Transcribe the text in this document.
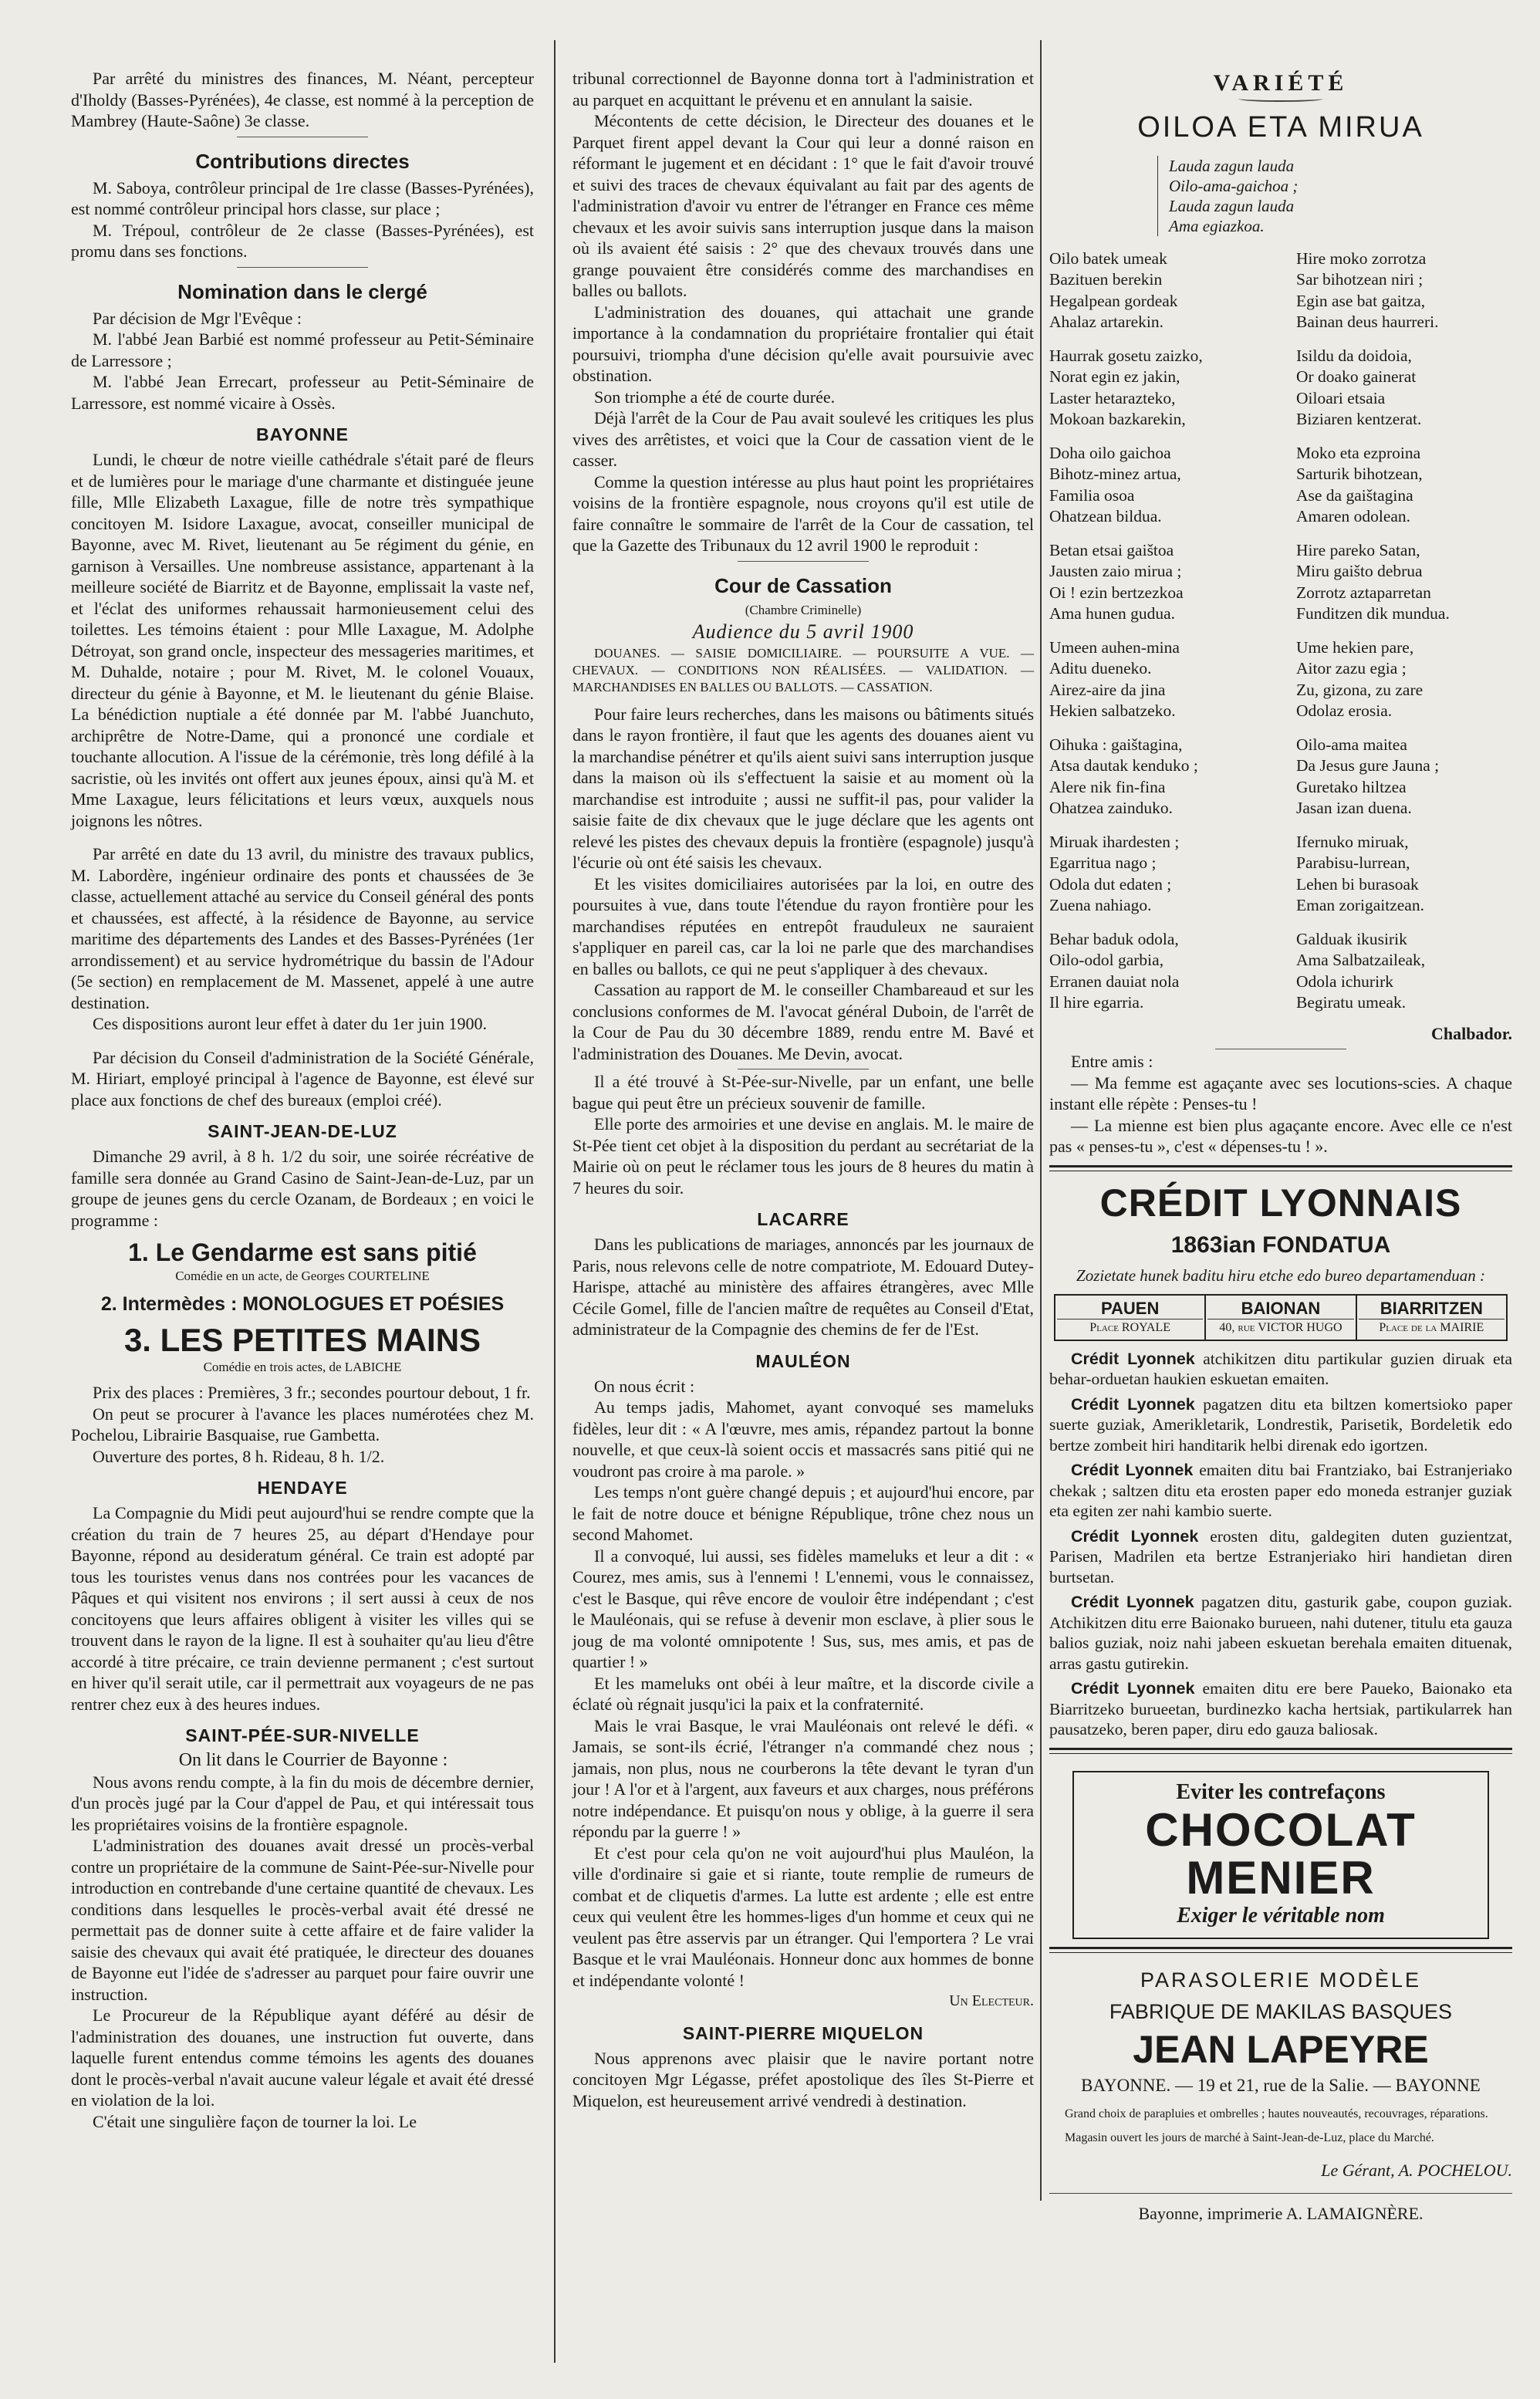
Par arrêté du ministres des finances, M. Néant, percepteur d'Iholdy (Basses-Pyrénées), 4e classe, est nommé à la perception de Mambrey (Haute-Saône) 3e classe.

Contributions directes

M. Saboya, contrôleur principal de 1re classe (Basses-Pyrénées), est nommé contrôleur principal hors classe, sur place ;

M. Trépoul, contrôleur de 2e classe (Basses-Pyrénées), est promu dans ses fonctions.

Nomination dans le clergé

Par décision de Mgr l'Evêque :

M. l'abbé Jean Barbié est nommé professeur au Petit-Séminaire de Larressore ;

M. l'abbé Jean Errecart, professeur au Petit-Séminaire de Larressore, est nommé vicaire à Ossès.

BAYONNE

Lundi, le chœur de notre vieille cathédrale s'était paré de fleurs et de lumières pour le mariage d'une charmante et distinguée jeune fille, Mlle Elizabeth Laxague, fille de notre très sympathique concitoyen M. Isidore Laxague, avocat, conseiller municipal de Bayonne, avec M. Rivet, lieutenant au 5e régiment du génie, en garnison à Versailles. Une nombreuse assistance, appartenant à la meilleure société de Biarritz et de Bayonne, emplissait la vaste nef, et l'éclat des uniformes rehaussait harmonieusement celui des toilettes. Les témoins étaient : pour Mlle Laxague, M. Adolphe Détroyat, son grand oncle, inspecteur des messageries maritimes, et M. Duhalde, notaire ; pour M. Rivet, M. le colonel Vouaux, directeur du génie à Bayonne, et M. le lieutenant du génie Blaise. La bénédiction nuptiale a été donnée par M. l'abbé Juanchuto, archiprêtre de Notre-Dame, qui a prononcé une cordiale et touchante allocution. A l'issue de la cérémonie, très long défilé à la sacristie, où les invités ont offert aux jeunes époux, ainsi qu'à M. et Mme Laxague, leurs félicitations et leurs vœux, auxquels nous joignons les nôtres.

Par arrêté en date du 13 avril, du ministre des travaux publics, M. Labordère, ingénieur ordinaire des ponts et chaussées de 3e classe, actuellement attaché au service du Conseil général des ponts et chaussées, est affecté, à la résidence de Bayonne, au service maritime des départements des Landes et des Basses-Pyrénées (1er arrondissement) et au service hydrométrique du bassin de l'Adour (5e section) en remplacement de M. Massenet, appelé à une autre destination.

Ces dispositions auront leur effet à dater du 1er juin 1900.

Par décision du Conseil d'administration de la Société Générale, M. Hiriart, employé principal à l'agence de Bayonne, est élevé sur place aux fonctions de chef des bureaux (emploi créé).

SAINT-JEAN-DE-LUZ

Dimanche 29 avril, à 8 h. 1/2 du soir, une soirée récréative de famille sera donnée au Grand Casino de Saint-Jean-de-Luz, par un groupe de jeunes gens du cercle Ozanam, de Bordeaux ; en voici le programme :

1. Le Gendarme est sans pitié
Comédie en un acte, de Georges COURTELINE
2. Intermèdes : MONOLOGUES ET POÉSIES
3. LES PETITES MAINS
Comédie en trois actes, de LABICHE

Prix des places : Premières, 3 fr.; secondes pourtour debout, 1 fr.

On peut se procurer à l'avance les places numérotées chez M. Pochelou, Librairie Basquaise, rue Gambetta.

Ouverture des portes, 8 h. Rideau, 8 h. 1/2.

HENDAYE

La Compagnie du Midi peut aujourd'hui se rendre compte que la création du train de 7 heures 25, au départ d'Hendaye pour Bayonne, répond au desideratum général. Ce train est adopté par tous les touristes venus dans nos contrées pour les vacances de Pâques et qui visitent nos environs ; il sert aussi à ceux de nos concitoyens que leurs affaires obligent à visiter les villes qui se trouvent dans le rayon de la ligne. Il est à souhaiter qu'au lieu d'être accordé à titre précaire, ce train devienne permanent ; c'est surtout en hiver qu'il serait utile, car il permettrait aux voyageurs de ne pas rentrer chez eux à des heures indues.

SAINT-PÉE-SUR-NIVELLE

On lit dans le Courrier de Bayonne :

Nous avons rendu compte, à la fin du mois de décembre dernier, d'un procès jugé par la Cour d'appel de Pau, et qui intéressait tous les propriétaires voisins de la frontière espagnole.

L'administration des douanes avait dressé un procès-verbal contre un propriétaire de la commune de Saint-Pée-sur-Nivelle pour introduction en contrebande d'une certaine quantité de chevaux. Les conditions dans lesquelles le procès-verbal avait été dressé ne permettait pas de donner suite à cette affaire et de faire valider la saisie des chevaux qui avait été pratiquée, le directeur des douanes de Bayonne eut l'idée de s'adresser au parquet pour faire ouvrir une instruction.

Le Procureur de la République ayant déféré au désir de l'administration des douanes, une instruction fut ouverte, dans laquelle furent entendus comme témoins les agents des douanes dont le procès-verbal n'avait aucune valeur légale et avait été dressé en violation de la loi.

C'était une singulière façon de tourner la loi. Le

tribunal correctionnel de Bayonne donna tort à l'administration et au parquet en acquittant le prévenu et en annulant la saisie.

Mécontents de cette décision, le Directeur des douanes et le Parquet firent appel devant la Cour qui leur a donné raison en réformant le jugement et en décidant : 1° que le fait d'avoir trouvé et suivi des traces de chevaux équivalant au fait par des agents de l'administration d'avoir vu entrer de l'étranger en France ces même chevaux et les avoir suivis sans interruption jusque dans la maison où ils avaient été saisis : 2° que des chevaux trouvés dans une grange pouvaient être considérés comme des marchandises en balles ou ballots.

L'administration des douanes, qui attachait une grande importance à la condamnation du propriétaire frontalier qui était poursuivi, triompha d'une décision qu'elle avait poursuivie avec obstination.

Son triomphe a été de courte durée.

Déjà l'arrêt de la Cour de Pau avait soulevé les critiques les plus vives des arrêtistes, et voici que la Cour de cassation vient de le casser.

Comme la question intéresse au plus haut point les propriétaires voisins de la frontière espagnole, nous croyons qu'il est utile de faire connaître le sommaire de l'arrêt de la Cour de cassation, tel que la Gazette des Tribunaux du 12 avril 1900 le reproduit :

Cour de Cassation
(Chambre Criminelle)
Audience du 5 avril 1900

DOUANES. — SAISIE DOMICILIAIRE. — POURSUITE A VUE. — CHEVAUX. — CONDITIONS NON RÉALISÉES. — VALIDATION. — MARCHANDISES EN BALLES OU BALLOTS. — CASSATION.

Pour faire leurs recherches, dans les maisons ou bâtiments situés dans le rayon frontière, il faut que les agents des douanes aient vu la marchandise pénétrer et qu'ils aient suivi sans interruption jusque dans la maison où ils s'effectuent la saisie et au moment où la marchandise est introduite ; aussi ne suffit-il pas, pour valider la saisie faite de dix chevaux que le juge déclare que les agents ont relevé les pistes des chevaux depuis la frontière (espagnole) jusqu'à l'écurie où ont été saisis les chevaux.

Et les visites domiciliaires autorisées par la loi, en outre des poursuites à vue, dans toute l'étendue du rayon frontière pour les marchandises réputées en entrepôt frauduleux ne sauraient s'appliquer en pareil cas, car la loi ne parle que des marchandises en balles ou ballots, ce qui ne peut s'appliquer à des chevaux.

Cassation au rapport de M. le conseiller Chambareaud et sur les conclusions conformes de M. l'avocat général Duboin, de l'arrêt de la Cour de Pau du 30 décembre 1889, rendu entre M. Bavé et l'administration des Douanes. Me Devin, avocat.

Il a été trouvé à St-Pée-sur-Nivelle, par un enfant, une belle bague qui peut être un précieux souvenir de famille.

Elle porte des armoiries et une devise en anglais. M. le maire de St-Pée tient cet objet à la disposition du perdant au secrétariat de la Mairie où on peut le réclamer tous les jours de 8 heures du matin à 7 heures du soir.

LACARRE

Dans les publications de mariages, annoncés par les journaux de Paris, nous relevons celle de notre compatriote, M. Edouard Dutey-Harispe, attaché au ministère des affaires étrangères, avec Mlle Cécile Gomel, fille de l'ancien maître de requêtes au Conseil d'Etat, administrateur de la Compagnie des chemins de fer de l'Est.

MAULÉON

On nous écrit :

Au temps jadis, Mahomet, ayant convoqué ses mameluks fidèles, leur dit : « A l'œuvre, mes amis, répandez partout la bonne nouvelle, et que ceux-là soient occis et massacrés sans pitié qui ne voudront pas croire à ma parole. »

Les temps n'ont guère changé depuis ; et aujourd'hui encore, par le fait de notre douce et bénigne République, trône chez nous un second Mahomet.

Il a convoqué, lui aussi, ses fidèles mameluks et leur a dit : « Courez, mes amis, sus à l'ennemi ! L'ennemi, vous le connaissez, c'est le Basque, qui rêve encore de vouloir être indépendant ; c'est le Mauléonais, qui se refuse à devenir mon esclave, à plier sous le joug de ma volonté omnipotente ! Sus, sus, mes amis, et pas de quartier ! »

Et les mameluks ont obéi à leur maître, et la discorde civile a éclaté où régnait jusqu'ici la paix et la confraternité.

Mais le vrai Basque, le vrai Mauléonais ont relevé le défi. « Jamais, se sont-ils écrié, l'étranger n'a commandé chez nous ; jamais, non plus, nous ne courberons la tête devant le tyran d'un jour ! A l'or et à l'argent, aux faveurs et aux charges, nous préférons notre indépendance. Et puisqu'on nous y oblige, à la guerre il sera répondu par la guerre ! »

Et c'est pour cela qu'on ne voit aujourd'hui plus Mauléon, la ville d'ordinaire si gaie et si riante, toute remplie de rumeurs de combat et de cliquetis d'armes. La lutte est ardente ; elle est entre ceux qui veulent être les hommes-liges d'un homme et ceux qui ne veulent pas être asservis par un étranger. Qui l'emportera ? Le vrai Basque et le vrai Mauléonais. Honneur donc aux hommes de bonne et indépendante volonté !

Un Electeur.
SAINT-PIERRE MIQUELON

Nous apprenons avec plaisir que le navire portant notre concitoyen Mgr Légasse, préfet apostolique des îles St-Pierre et Miquelon, est heureusement arrivé vendredi à destination.

VARIÉTÉ
OILOA ETA MIRUA
Lauda zagun lauda
Oilo-ama-gaichoa ;
Lauda zagun lauda
Ama egiazkoa.
Oilo batek umeak
Bazituen berekin
Hegalpean gordeak
Ahalaz artarekin.
Haurrak gosetu zaizko,
Norat egin ez jakin,
Laster hetarazteko,
Mokoan bazkarekin,
Doha oilo gaichoa
Bihotz-minez artua,
Familia osoa
Ohatzean bildua.
Betan etsai gaištoa
Jausten zaio mirua ;
Oi ! ezin bertzezkoa
Ama hunen gudua.
Umeen auhen-mina
Aditu dueneko.
Airez-aire da jina
Hekien salbatzeko.
Oihuka : gaištagina,
Atsa dautak kenduko ;
Alere nik fin-fina
Ohatzea zainduko.
Miruak ihardesten ;
Egarritua nago ;
Odola dut edaten ;
Zuena nahiago.
Behar baduk odola,
Oilo-odol garbia,
Erranen dauiat nola
Il hire egarria.
Hire moko zorrotza
Sar bihotzean niri ;
Egin ase bat gaitza,
Bainan deus haurreri.
Isildu da doidoia,
Or doako gainerat
Oiloari etsaia
Biziaren kentzerat.
Moko eta ezproina
Sarturik bihotzean,
Ase da gaištagina
Amaren odolean.
Hire pareko Satan,
Miru gaišto debrua
Zorrotz aztaparretan
Funditzen dik mundua.
Ume hekien pare,
Aitor zazu egia ;
Zu, gizona, zu zare
Odolaz erosia.
Oilo-ama maitea
Da Jesus gure Jauna ;
Guretako hiltzea
Jasan izan duena.
Ifernuko miruak,
Parabisu-lurrean,
Lehen bi burasoak
Eman zorigaitzean.
Galduak ikusirik
Ama Salbatzaileak,
Odola ichurirk
Begiratu umeak.
Chalbador.

Entre amis :

— Ma femme est agaçante avec ses locutions-scies. A chaque instant elle répète : Penses-tu !

— La mienne est bien plus agaçante encore. Avec elle ce n'est pas « penses-tu », c'est « dépenses-tu ! ».

CRÉDIT LYONNAIS
1863ian FONDATUA
Zozietate hunek baditu hiru etche edo bureo departamenduan :
PAUEN
Place ROYALE
BAIONAN
40, rue VICTOR HUGO
BIARRITZEN
Place de la MAIRIE
Crédit Lyonnek atchikitzen ditu partikular guzien diruak eta behar-orduetan haukien eskuetan emaiten.
Crédit Lyonnek pagatzen ditu eta biltzen komertsioko paper suerte guziak, Amerikletarik, Londrestik, Parisetik, Bordeletik edo bertze zombeit hiri handitarik helbi direnak edo igortzen.
Crédit Lyonnek emaiten ditu bai Frantziako, bai Estranjeriako chekak ; saltzen ditu eta erosten paper edo moneda estranjer guziak eta egiten zer nahi kambio suerte.
Crédit Lyonnek erosten ditu, galdegiten duten guzientzat, Parisen, Madrilen eta bertze Estranjeriako hiri handietan diren burtsetan.
Crédit Lyonnek pagatzen ditu, gasturik gabe, coupon guziak. Atchikitzen ditu erre Baionako burueen, nahi dutener, titulu eta gauza balios guziak, noiz nahi jabeen eskuetan berehala emaiten dituenak, arras gastu gutirekin.
Crédit Lyonnek emaiten ditu ere bere Paueko, Baionako eta Biarritzeko burueetan, burdinezko kacha hertsiak, partikularrek han pausatzeko, beren paper, diru edo gauza baliosak.
Eviter les contrefaçons
CHOCOLAT
MENIER
Exiger le véritable nom
PARASOLERIE MODÈLE
FABRIQUE DE MAKILAS BASQUES
JEAN LAPEYRE
BAYONNE. — 19 et 21, rue de la Salie. — BAYONNE
Grand choix de parapluies et ombrelles ; hautes nouveautés, recouvrages, réparations.
Magasin ouvert les jours de marché à Saint-Jean-de-Luz, place du Marché.
Le Gérant, A. POCHELOU.
Bayonne, imprimerie A. LAMAIGNÈRE.
